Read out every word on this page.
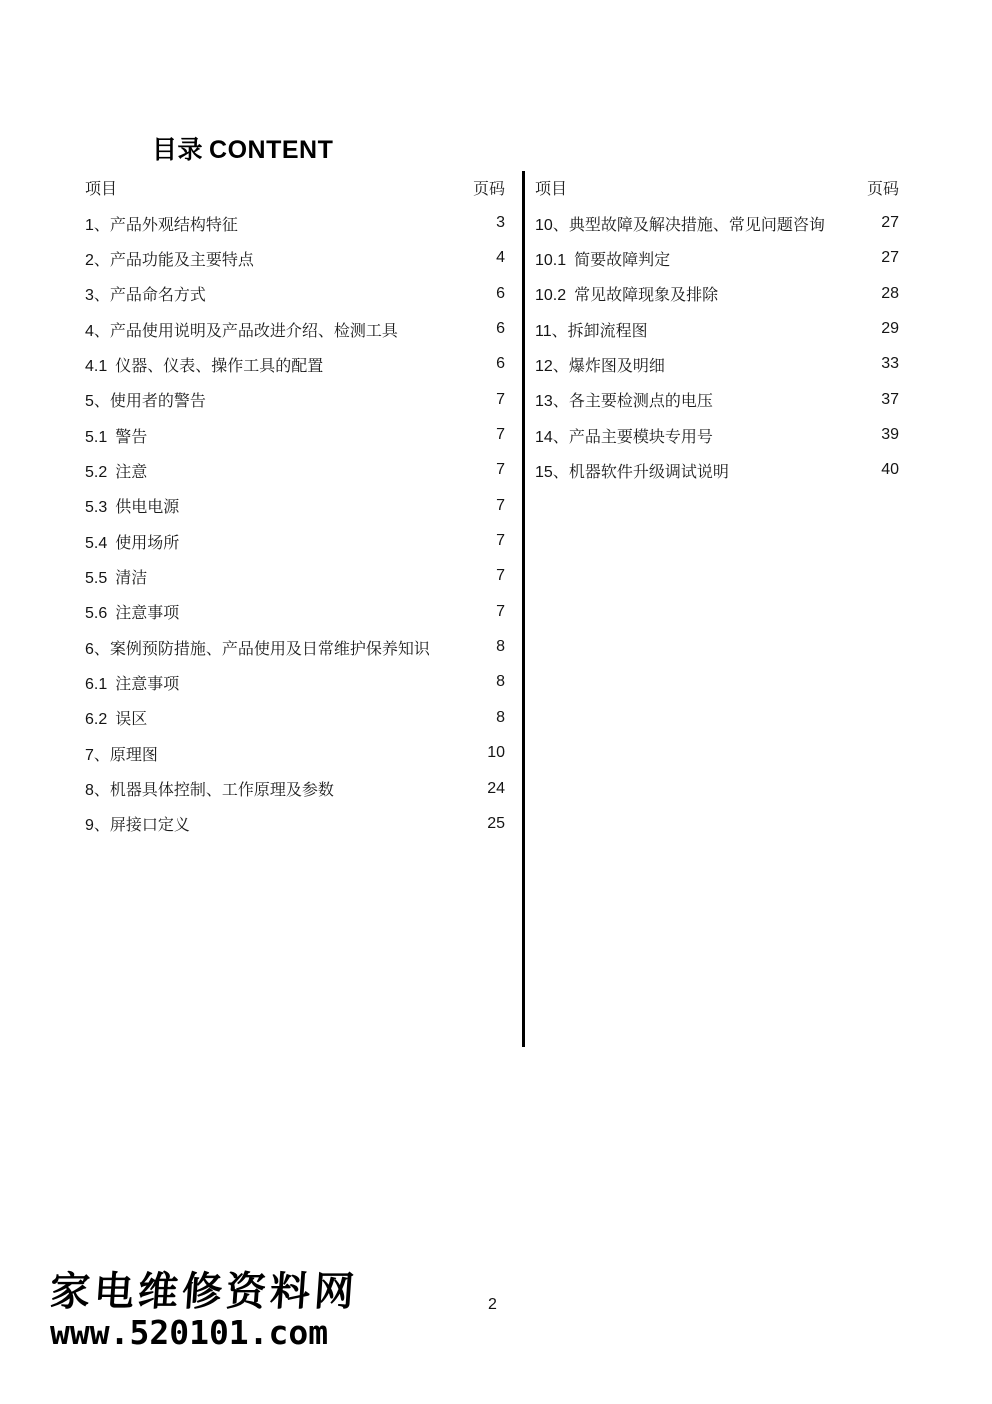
目录 CONTENT
项目	页码
1、 产品外观结构特征	3
2、 产品功能及主要特点	4
3、 产品命名方式	6
4、 产品使用说明及产品改进介绍、检测工具	6
4.1 仪器、仪表、操作工具的配置	6
5、 使用者的警告	7
5.1 警告	7
5.2 注意	7
5.3 供电电源	7
5.4 使用场所	7
5.5 清洁	7
5.6 注意事项	7
6、 案例预防措施、产品使用及日常维护保养知识	8
6.1 注意事项	8
6.2 误区	8
7、 原理图	10
8、 机器具体控制、工作原理及参数	24
9、 屏接口定义	25
项目	页码
10、 典型故障及解决措施、常见问题咨询	27
10.1 简要故障判定	27
10.2 常见故障现象及排除	28
11、 拆卸流程图	29
12、 爆炸图及明细	33
13、 各主要检测点的电压	37
14、 产品主要模块专用号	39
15、 机器软件升级调试说明	40
家电维修资料网
www.520101.com
2
